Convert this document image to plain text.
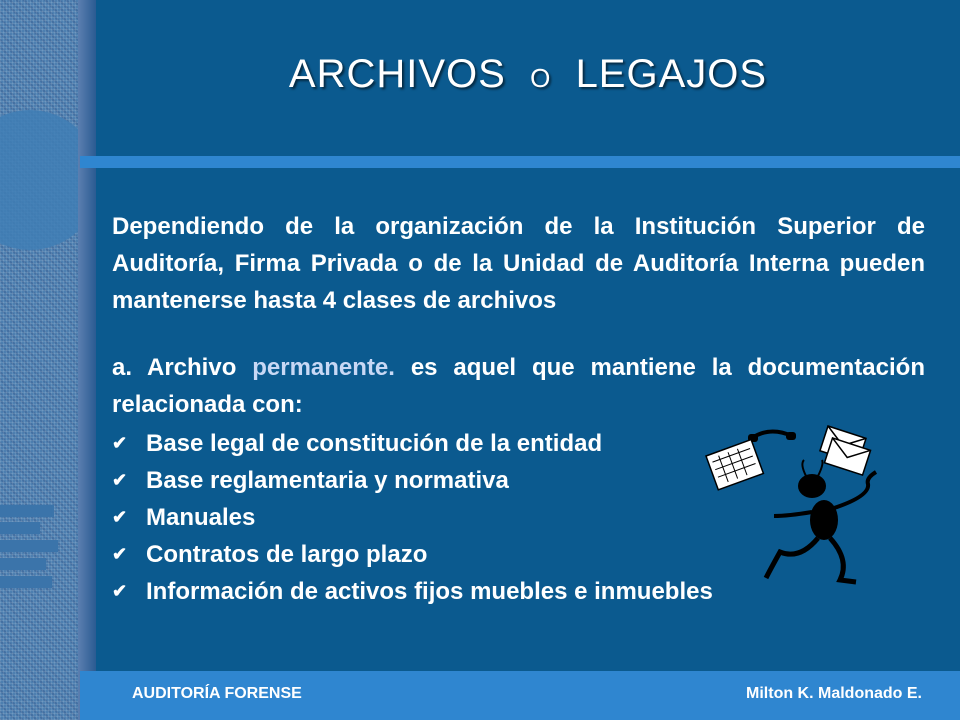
ARCHIVOS O LEGAJOS

Dependiendo de la organización de la Institución Superior de Auditoría, Firma Privada o de la Unidad de Auditoría Interna pueden mantenerse hasta 4 clases de archivos

a. Archivo permanente. es aquel que mantiene la documentación relacionada con:

✔ Base legal de constitución de la entidad
✔ Base reglamentaria y normativa
✔ Manuales
✔ Contratos de largo plazo
✔ Información de activos fijos muebles e inmuebles
AUDITORÍA FORENSE	Milton K. Maldonado E.
